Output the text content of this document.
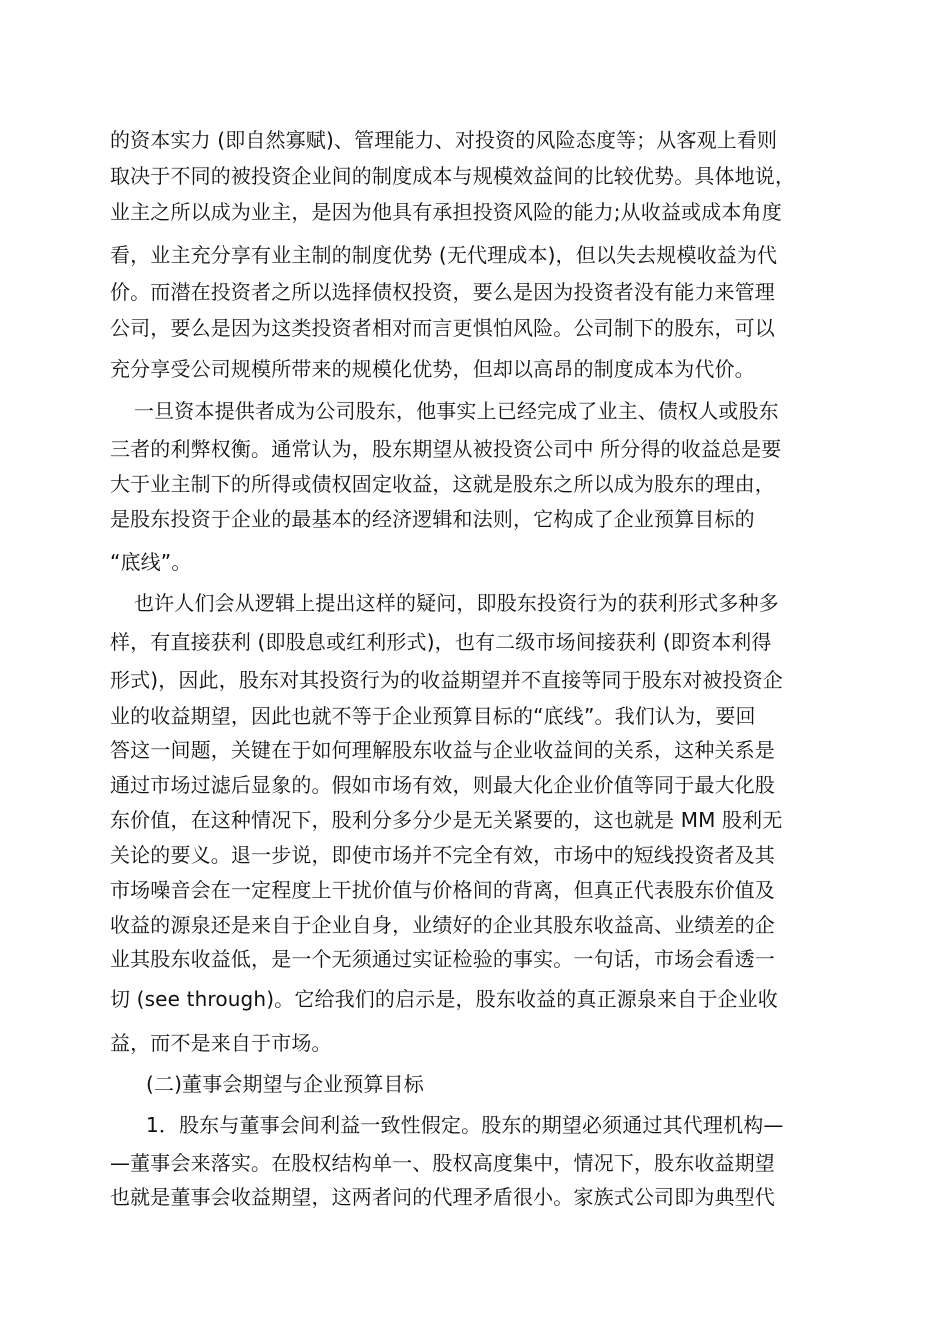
的资本实力 (即自然寡赋)、管理能力、对投资的风险态度等；从客观上看则
取决于不同的被投资企业间的制度成本与规模效益间的比较优势。具体地说，
业主之所以成为业主，是因为他具有承担投资风险的能力;从收益或成本角度
看，业主充分享有业主制的制度优势 (无代理成本)，但以失去规模收益为代
价。而潜在投资者之所以选择债权投资，要么是因为投资者没有能力来管理
公司，要么是因为这类投资者相对而言更惧怕风险。公司制下的股东，可以
充分享受公司规模所带来的规模化优势，但却以高昂的制度成本为代价。
一旦资本提供者成为公司股东，他事实上已经完成了业主、债权人或股东
三者的利弊权衡。通常认为，股东期望从被投资公司中 所分得的收益总是要
大于业主制下的所得或债权固定收益，这就是股东之所以成为股东的理由，
是股东投资于企业的最基本的经济逻辑和法则，它构成了企业预算目标的
“底线”。
也许人们会从逻辑上提出这样的疑问，即股东投资行为的获利形式多种多
样，有直接获利 (即股息或红利形式)，也有二级市场间接获利 (即资本利得
形式)，因此，股东对其投资行为的收益期望并不直接等同于股东对被投资企
业的收益期望，因此也就不等于企业预算目标的“底线”。我们认为，要回
答这一间题，关键在于如何理解股东收益与企业收益间的关系，这种关系是
通过市场过滤后显象的。假如市场有效，则最大化企业价值等同于最大化股
东价值，在这种情况下，股利分多分少是无关紧要的，这也就是 MM 股利无
关论的要义。退一步说，即使市场并不完全有效，市场中的短线投资者及其
市场噪音会在一定程度上干扰价值与价格间的背离，但真正代表股东价值及
收益的源泉还是来自于企业自身，业绩好的企业其股东收益高、业绩差的企
业其股东收益低，是一个无须通过实证检验的事实。一句话，市场会看透一
切 (see through)。它给我们的启示是，股东收益的真正源泉来自于企业收
益，而不是来自于市场。
(二)董事会期望与企业预算目标
1．股东与董事会间利益一致性假定。股东的期望必须通过其代理机构—
—董事会来落实。在股权结构单一、股权高度集中，情况下，股东收益期望
也就是董事会收益期望，这两者问的代理矛盾很小。家族式公司即为典型代
